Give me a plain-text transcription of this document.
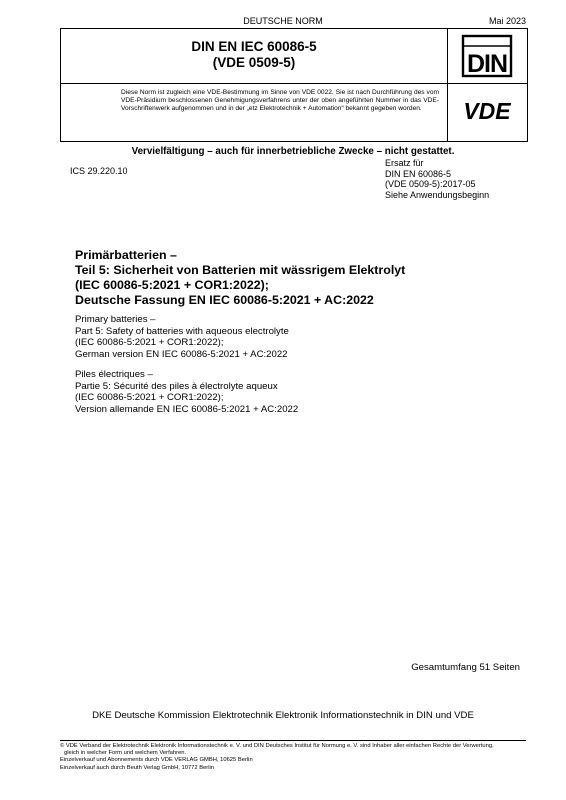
DEUTSCHE NORM	Mai 2023
DIN EN IEC 60086-5
(VDE 0509-5)	DIN
Diese Norm ist zugleich eine VDE-Bestimmung im Sinne von VDE 0022. Sie ist nach Durchführung des vom VDE-Präsidium beschlossenen Genehmigungsverfahrens unter der oben angeführten Nummer in das VDE-Vorschriftenwerk aufgenommen und in der „etz Elektrotechnik + Automation“ bekannt gegeben worden.	VDE
Vervielfältigung – auch für innerbetriebliche Zwecke – nicht gestattet.
ICS 29.220.10
Ersatz für
DIN EN 60086-5
(VDE 0509-5):2017-05
Siehe Anwendungsbeginn
Primärbatterien –
Teil 5: Sicherheit von Batterien mit wässrigem Elektrolyt
(IEC 60086-5:2021 + COR1:2022);
Deutsche Fassung EN IEC 60086-5:2021 + AC:2022
Primary batteries –
Part 5: Safety of batteries with aqueous electrolyte
(IEC 60086-5:2021 + COR1:2022);
German version EN IEC 60086-5:2021 + AC:2022
Piles électriques –
Partie 5: Sécurité des piles à électrolyte aqueux
(IEC 60086-5:2021 + COR1:2022);
Version allemande EN IEC 60086-5:2021 + AC:2022
Gesamtumfang 51 Seiten
DKE Deutsche Kommission Elektrotechnik Elektronik Informationstechnik in DIN und VDE
© VDE Verband der Elektrotechnik Elektronik Informationstechnik e. V. und DIN Deutsches Institut für Normung e. V. sind Inhaber aller einfachen Rechte der Verwertung,
gleich in welcher Form und welchem Verfahren.
Einzelverkauf und Abonnements durch VDE VERLAG GMBH, 10625 Berlin
Einzelverkauf auch durch Beuth Verlag GmbH, 10772 Berlin
